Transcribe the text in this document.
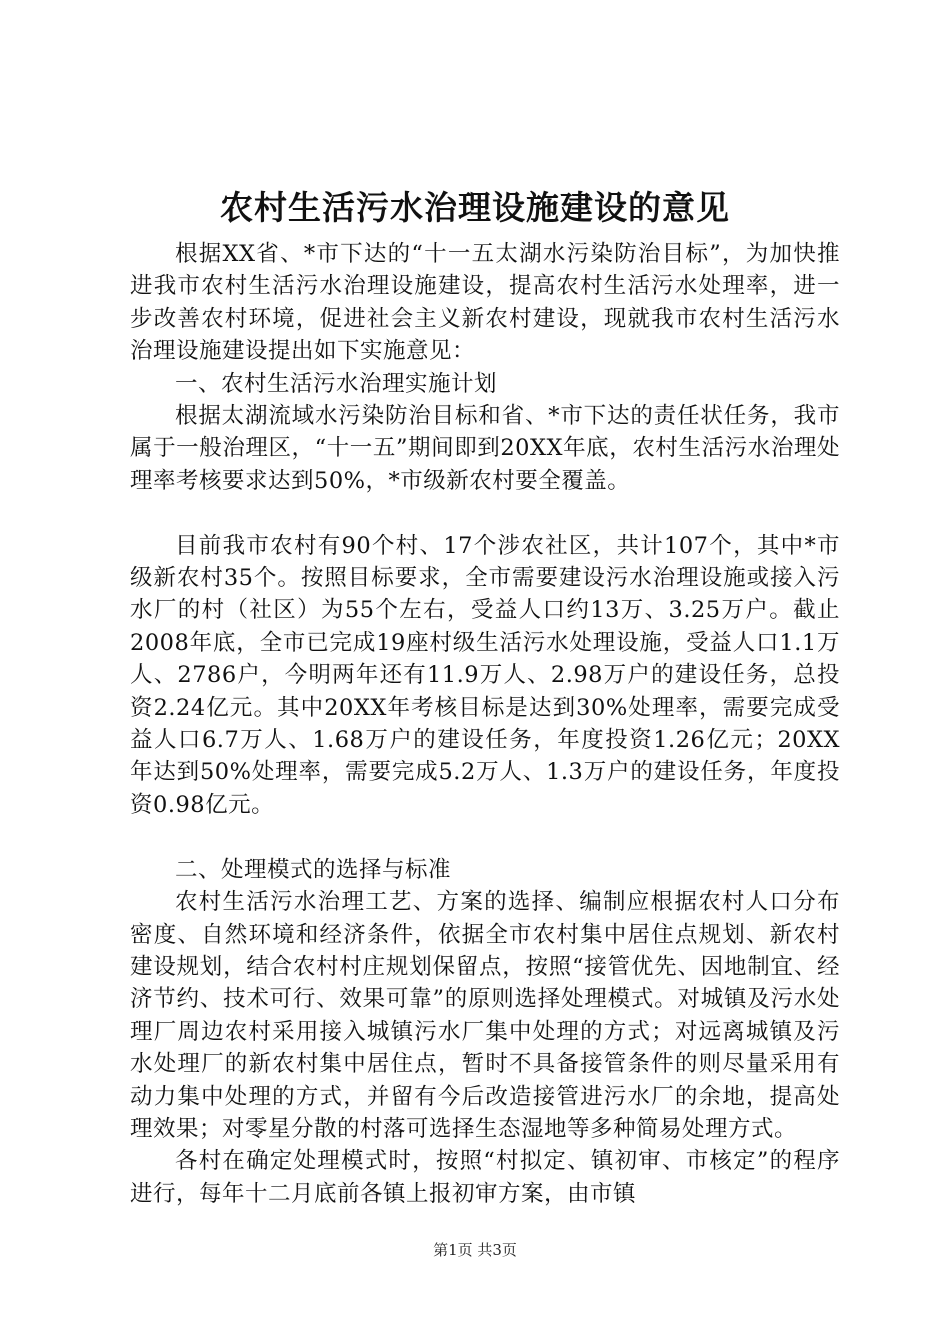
农村生活污水治理设施建设的意见

根据XX省、*市下达的“十一五太湖水污染防治目标”，为加快推进我市农村生活污水治理设施建设，提高农村生活污水处理率，进一步改善农村环境，促进社会主义新农村建设，现就我市农村生活污水治理设施建设提出如下实施意见：

一、农村生活污水治理实施计划

根据太湖流域水污染防治目标和省、*市下达的责任状任务，我市属于一般治理区，“十一五”期间即到20XX年底，农村生活污水治理处理率考核要求达到50%，*市级新农村要全覆盖。

目前我市农村有90个村、17个涉农社区，共计107个，其中*市级新农村35个。按照目标要求，全市需要建设污水治理设施或接入污水厂的村（社区）为55个左右，受益人口约13万、3.25万户。截止2008年底，全市已完成19座村级生活污水处理设施，受益人口1.1万人、2786户，今明两年还有11.9万人、2.98万户的建设任务，总投资2.24亿元。其中20XX年考核目标是达到30%处理率，需要完成受益人口6.7万人、1.68万户的建设任务，年度投资1.26亿元；20XX年达到50%处理率，需要完成5.2万人、1.3万户的建设任务，年度投资0.98亿元。

二、处理模式的选择与标准

农村生活污水治理工艺、方案的选择、编制应根据农村人口分布密度、自然环境和经济条件，依据全市农村集中居住点规划、新农村建设规划，结合农村村庄规划保留点，按照“接管优先、因地制宜、经济节约、技术可行、效果可靠”的原则选择处理模式。对城镇及污水处理厂周边农村采用接入城镇污水厂集中处理的方式；对远离城镇及污水处理厂的新农村集中居住点，暂时不具备接管条件的则尽量采用有动力集中处理的方式，并留有今后改造接管进污水厂的余地，提高处理效果；对零星分散的村落可选择生态湿地等多种简易处理方式。

各村在确定处理模式时，按照“村拟定、镇初审、市核定”的程序进行，每年十二月底前各镇上报初审方案，由市镇

第1页 共3页
